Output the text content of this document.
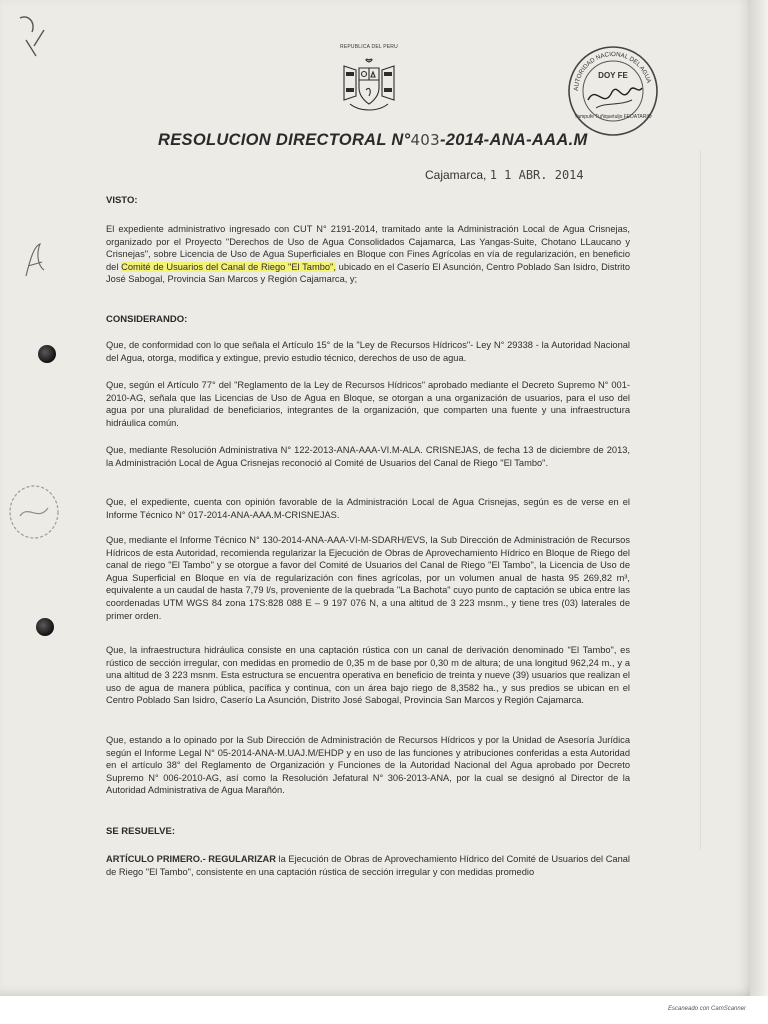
REPUBLICA DEL PERU
AUTORIDAD NACIONAL DEL AGUA
DOY FE
Yampufe Tuñiquetuljo FEDATARIO
RESOLUCION DIRECTORAL N°403-2014-ANA-AAA.M
Cajamarca, 1 1 ABR. 2014

VISTO:

El expediente administrativo ingresado con CUT N° 2191-2014, tramitado ante la Administración Local de Agua Crisnejas, organizado por el Proyecto "Derechos de Uso de Agua Consolidados Cajamarca, Las Yangas-Suite, Chotano LLaucano y Crisnejas", sobre Licencia de Uso de Agua Superficiales en Bloque con Fines Agrícolas en vía de regularización, en beneficio del Comité de Usuarios del Canal de Riego "El Tambo", ubicado en el Caserío El Asunción, Centro Poblado San Isidro, Distrito José Sabogal, Provincia San Marcos y Región Cajamarca, y;

CONSIDERANDO:

Que, de conformidad con lo que señala el Artículo 15° de la "Ley de Recursos Hídricos"- Ley N° 29338 - la Autoridad Nacional del Agua, otorga, modifica y extingue, previo estudio técnico, derechos de uso de agua.

Que, según el Artículo 77° del "Reglamento de la Ley de Recursos Hídricos" aprobado mediante el Decreto Supremo N° 001-2010-AG, señala que las Licencias de Uso de Agua en Bloque, se otorgan a una organización de usuarios, para el uso del agua por una pluralidad de beneficiarios, integrantes de la organización, que comparten una fuente y una infraestructura hidráulica común.

Que, mediante Resolución Administrativa N° 122-2013-ANA-AAA-VI.M-ALA. CRISNEJAS, de fecha 13 de diciembre de 2013, la Administración Local de Agua Crisnejas reconoció al Comité de Usuarios del Canal de Riego "El Tambo".

Que, el expediente, cuenta con opinión favorable de la Administración Local de Agua Crisnejas, según es de verse en el Informe Técnico N° 017-2014-ANA-AAA.M-CRISNEJAS.

Que, mediante el Informe Técnico N° 130-2014-ANA-AAA-VI-M-SDARH/EVS, la Sub Dirección de Administración de Recursos Hídricos de esta Autoridad, recomienda regularizar la Ejecución de Obras de Aprovechamiento Hídrico en Bloque de Riego del canal de riego "El Tambo" y se otorgue a favor del Comité de Usuarios del Canal de Riego "El Tambo", la Licencia de Uso de Agua Superficial en Bloque en vía de regularización con fines agrícolas, por un volumen anual de hasta 95 269,82 m³, equivalente a un caudal de hasta 7,79 l/s, proveniente de la quebrada "La Bachota" cuyo punto de captación se ubica entre las coordenadas UTM WGS 84 zona 17S:828 088 E – 9 197 076 N, a una altitud de 3 223 msnm., y tiene tres (03) laterales de primer orden.

Que, la infraestructura hidráulica consiste en una captación rústica con un canal de derivación denominado "El Tambo", es rústico de sección irregular, con medidas en promedio de 0,35 m de base por 0,30 m de altura; de una longitud 962,24 m., y a una altitud de 3 223 msnm. Esta estructura se encuentra operativa en beneficio de treinta y nueve (39) usuarios que realizan el uso de agua de manera pública, pacífica y continua, con un área bajo riego de 8,3582 ha., y sus predios se ubican en el Centro Poblado San Isidro, Caserío La Asunción, Distrito José Sabogal, Provincia San Marcos y Región Cajamarca.

Que, estando a lo opinado por la Sub Dirección de Administración de Recursos Hídricos y por la Unidad de Asesoría Jurídica según el Informe Legal N° 05-2014-ANA-M.UAJ.M/EHDP y en uso de las funciones y atribuciones conferidas a esta Autoridad en el artículo 38° del Reglamento de Organización y Funciones de la Autoridad Nacional del Agua aprobado por Decreto Supremo N° 006-2010-AG, así como la Resolución Jefatural N° 306-2013-ANA, por la cual se designó al Director de la Autoridad Administrativa de Agua Marañón.

SE RESUELVE:

ARTÍCULO PRIMERO.- REGULARIZAR la Ejecución de Obras de Aprovechamiento Hídrico del Comité de Usuarios del Canal de Riego "El Tambo", consistente en una captación rústica de sección irregular y con medidas promedio

Escaneado con CamScanner
